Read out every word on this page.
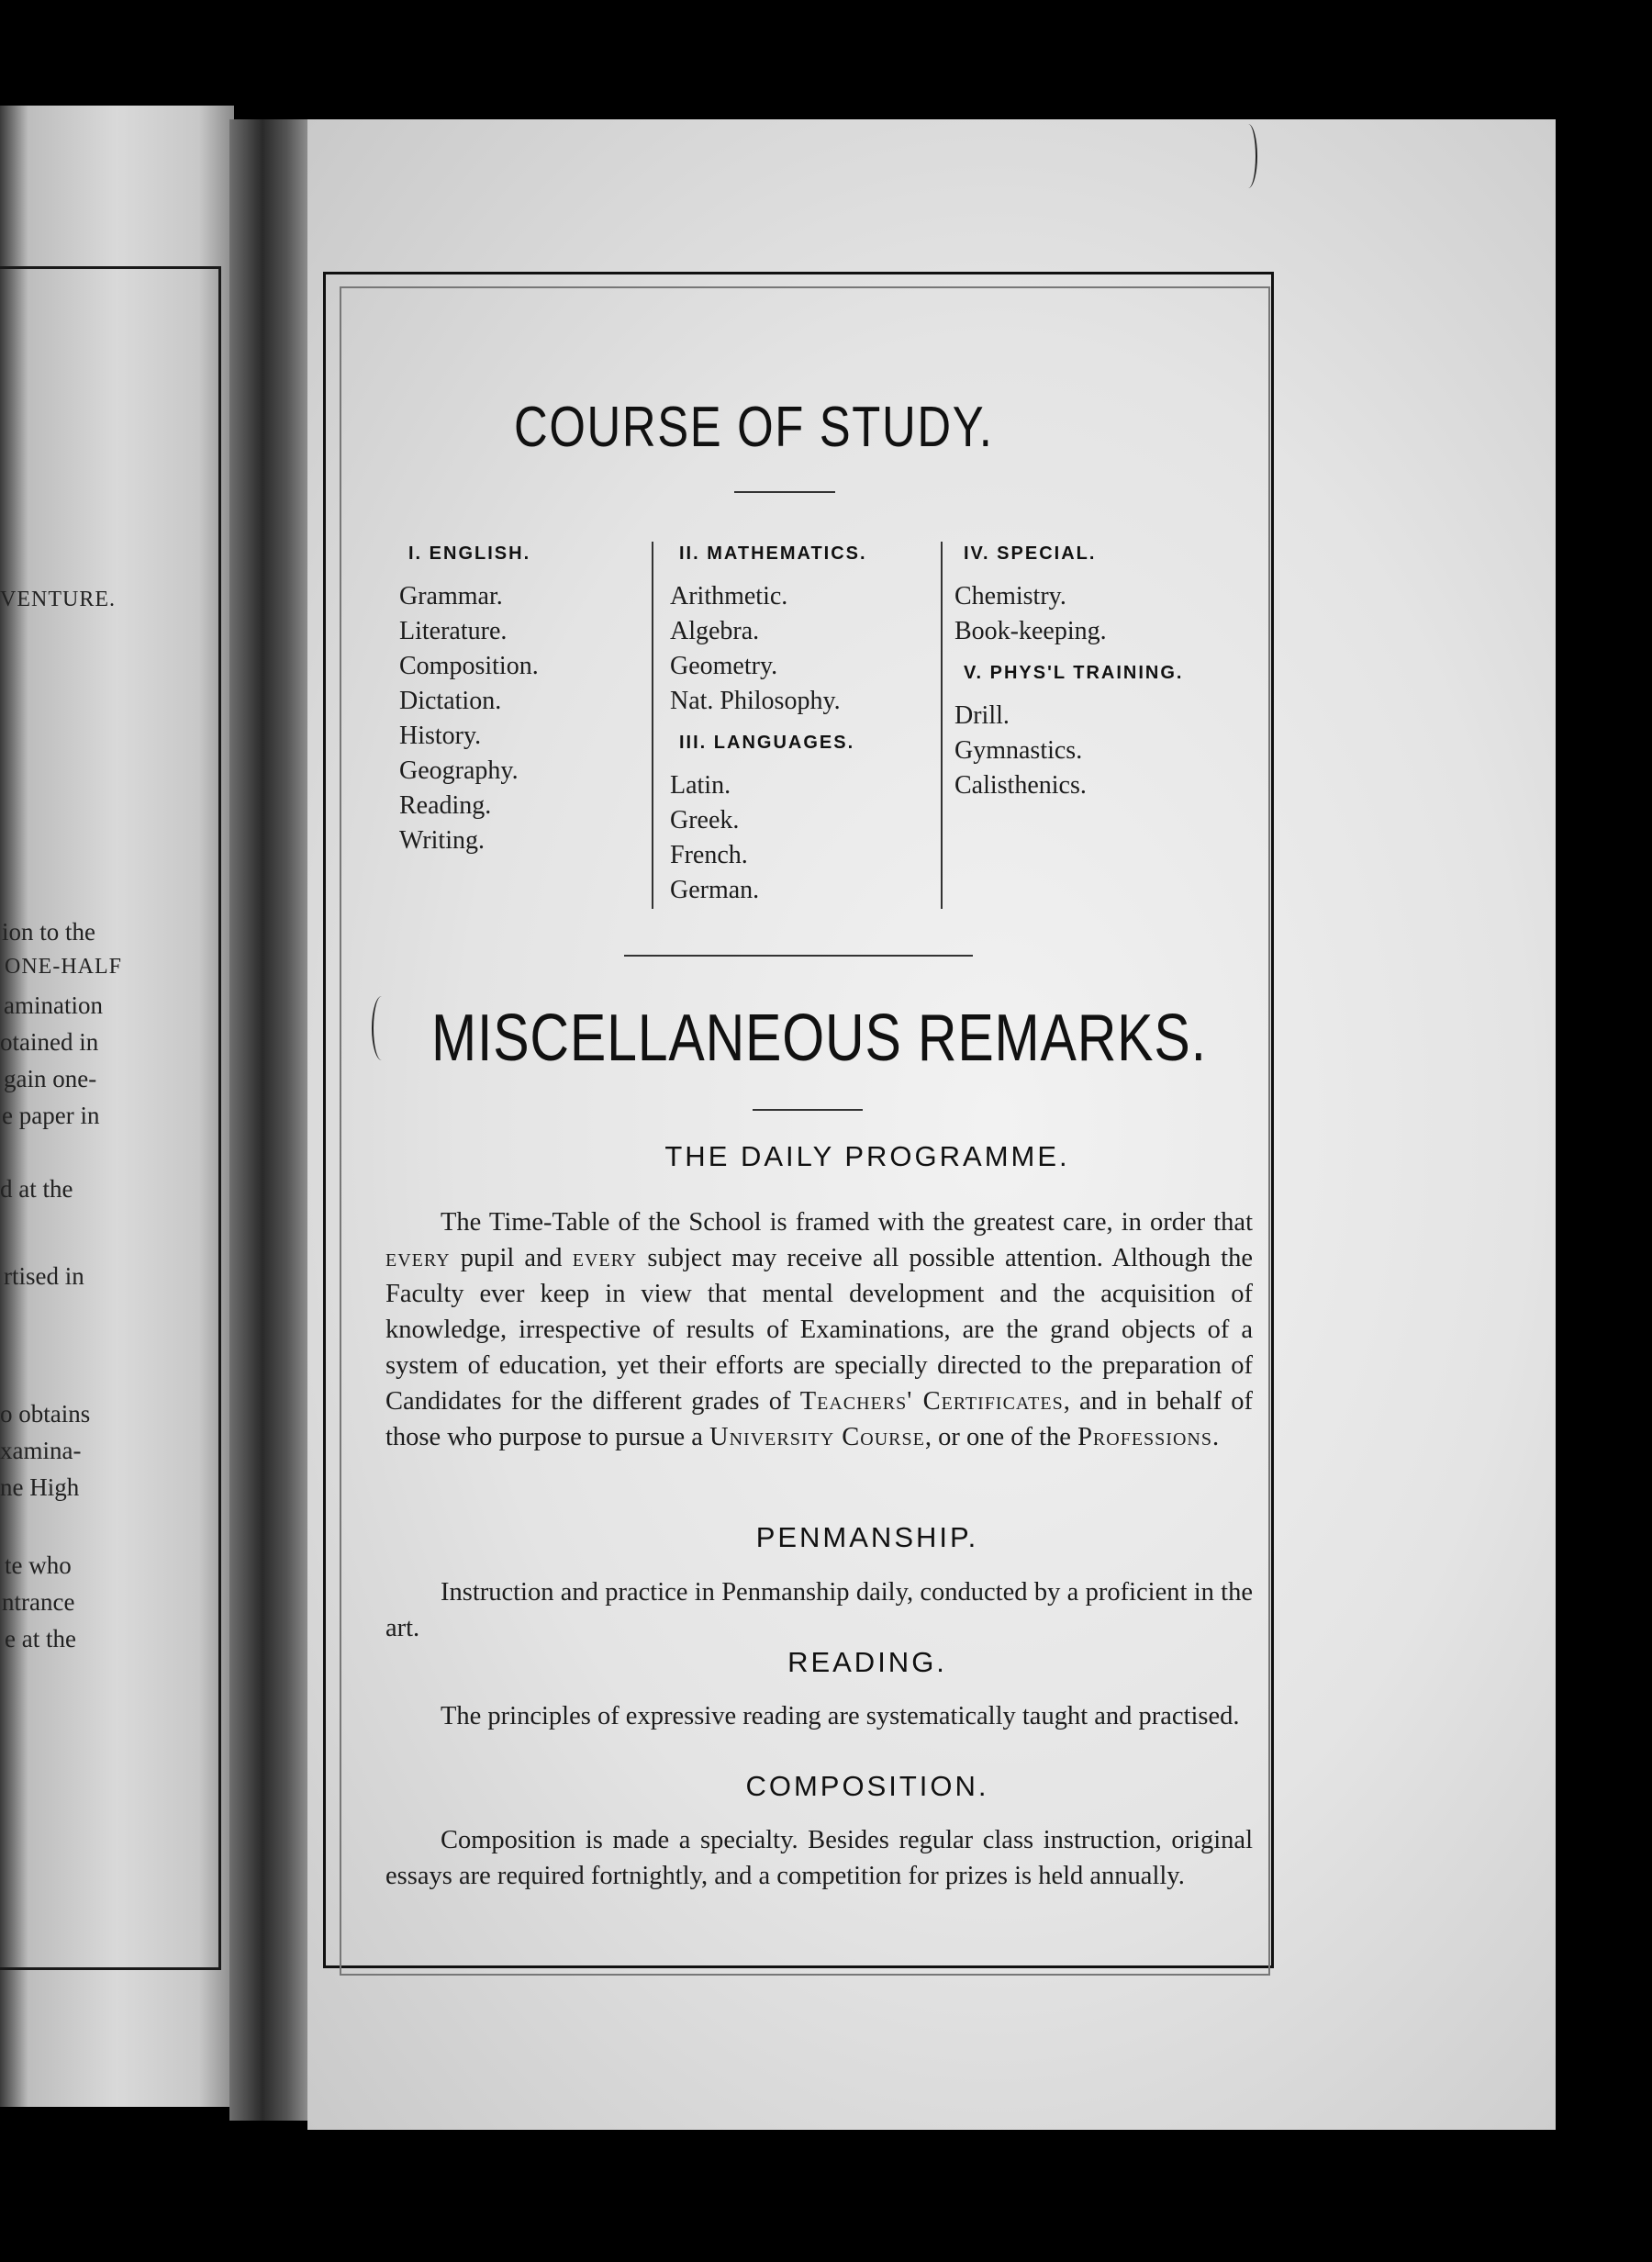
VENTURE.
ion to the
ONE-HALF
amination
otained in
gain one-
e paper in
d at the
rtised in
o obtains
xamina-
ne High
te who
ntrance
e at the
COURSE OF STUDY.
I. ENGLISH.
Grammar.
Literature.
Composition.
Dictation.
History.
Geography.
Reading.
Writing.
II. MATHEMATICS.
Arithmetic.
Algebra.
Geometry.
Nat. Philosophy.
III. LANGUAGES.
Latin.
Greek.
French.
German.
IV. SPECIAL.
Chemistry.
Book-keeping.
V. PHYS'L TRAINING.
Drill.
Gymnastics.
Calisthenics.
MISCELLANEOUS REMARKS.
THE DAILY PROGRAMME.
The Time-Table of the School is framed with the greatest care, in order that every pupil and every subject may receive all possible attention. Although the Faculty ever keep in view that mental development and the acquisition of knowledge, irrespective of results of Examinations, are the grand objects of a system of education, yet their efforts are specially directed to the preparation of Candidates for the different grades of Teachers' Certificates, and in behalf of those who purpose to pursue a University Course, or one of the Professions.
PENMANSHIP.
Instruction and practice in Penmanship daily, conducted by a proficient in the art.
READING.
The principles of expressive reading are systematically taught and practised.
COMPOSITION.
Composition is made a specialty. Besides regular class instruction, original essays are required fortnightly, and a competition for prizes is held annually.
